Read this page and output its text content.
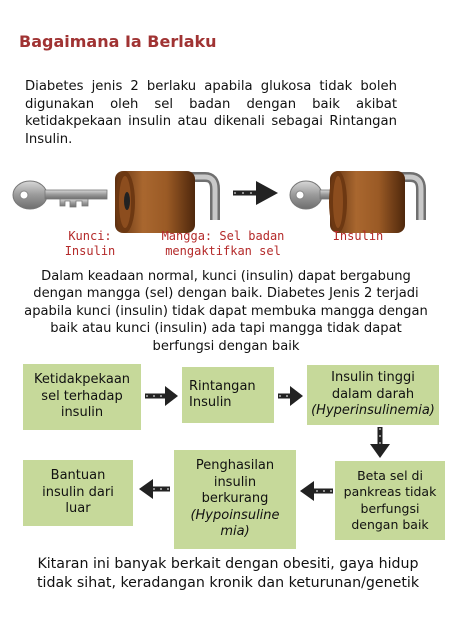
Bagaimana Ia Berlaku
Diabetes jenis 2 berlaku apabila glukosa tidak boleh digunakan oleh sel badan dengan baik akibat ketidakpekaan insulin atau dikenali sebagai Rintangan Insulin.
Kunci: Insulin
Mangga: Sel badan
mengaktifkan sel
Insulin
Dalam keadaan normal, kunci (insulin) dapat bergabung dengan mangga (sel) dengan baik. Diabetes Jenis 2 terjadi apabila kunci (insulin) tidak dapat membuka mangga dengan baik atau kunci (insulin) ada tapi mangga tidak dapat berfungsi dengan baik
Ketidakpekaan
sel terhadap
insulin
Rintangan
Insulin
Insulin tinggi
dalam darah
(Hyperinsulinemia)
Beta sel di
pankreas tidak
berfungsi
dengan baik
Penghasilan
insulin
berkurang
(Hypoinsuline
mia)
Bantuan
insulin dari
luar
Kitaran ini banyak berkait dengan obesiti, gaya hidup tidak sihat, keradangan kronik dan keturunan/genetik
